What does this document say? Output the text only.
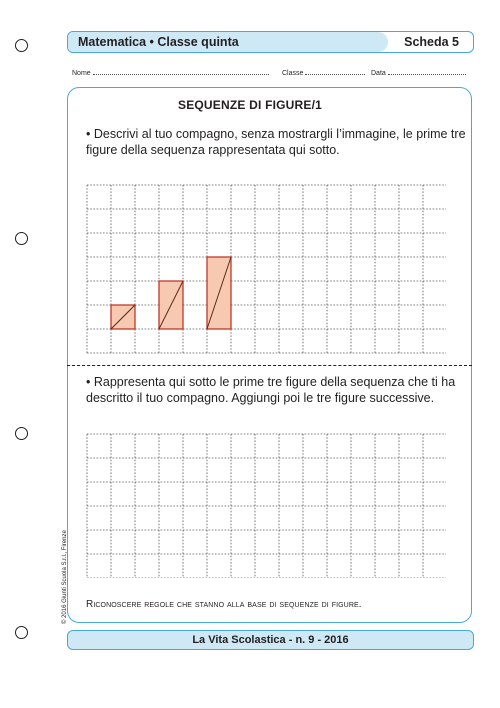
Matematica • Classe quinta	Scheda 5
Nome	Classe	Data
SEQUENZE DI FIGURE/1
• Descrivi al tuo compagno, senza mostrargli l’immagine, le prime tre figure della sequenza rappresentata qui sotto.
• Rappresenta qui sotto le prime tre figure della sequenza che ti ha descritto il tuo compagno. Aggiungi poi le tre figure successive.
Riconoscere regole che stanno alla base di sequenze di figure.
La Vita Scolastica - n. 9 - 2016
© 2016 Giunti Scuola S.r.l., Firenze
